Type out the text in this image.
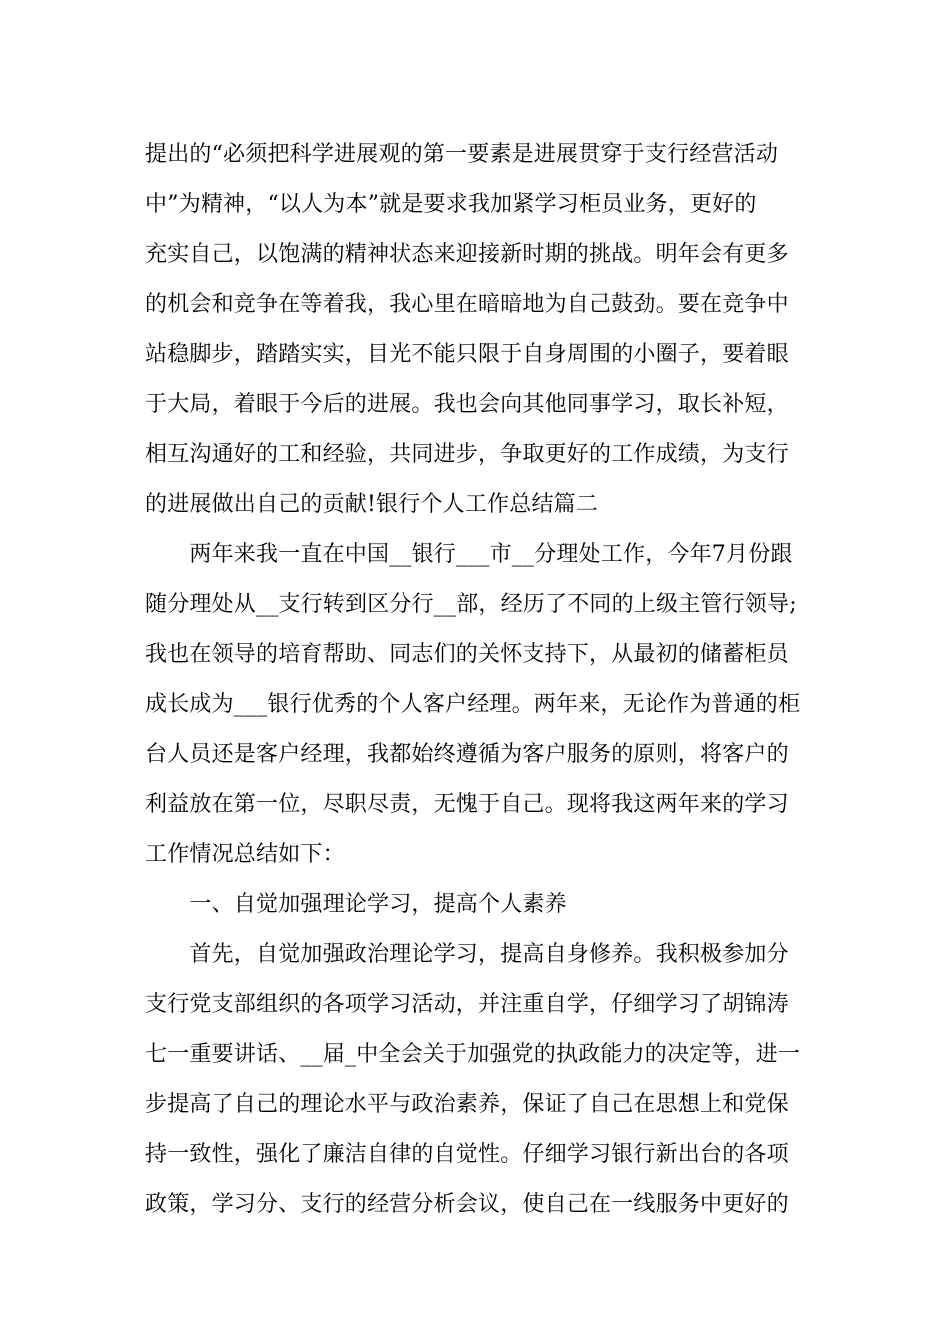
提出的“必须把科学进展观的第一要素是进展贯穿于支行经营活动
中”为精神，“以人为本”就是要求我加紧学习柜员业务，更好的
充实自己，以饱满的精神状态来迎接新时期的挑战。明年会有更多
的机会和竞争在等着我，我心里在暗暗地为自己鼓劲。要在竞争中
站稳脚步，踏踏实实，目光不能只限于自身周围的小圈子，要着眼
于大局，着眼于今后的进展。我也会向其他同事学习，取长补短，
相互沟通好的工和经验，共同进步，争取更好的工作成绩，为支行
的进展做出自己的贡献!银行个人工作总结篇二
　　两年来我一直在中国__银行___市__分理处工作，今年7月份跟
随分理处从__支行转到区分行__部，经历了不同的上级主管行领导;
我也在领导的培育帮助、同志们的关怀支持下，从最初的储蓄柜员
成长成为___银行优秀的个人客户经理。两年来，无论作为普通的柜
台人员还是客户经理，我都始终遵循为客户服务的原则，将客户的
利益放在第一位，尽职尽责，无愧于自己。现将我这两年来的学习
工作情况总结如下：
　　一、自觉加强理论学习，提高个人素养
　　首先，自觉加强政治理论学习，提高自身修养。我积极参加分
支行党支部组织的各项学习活动，并注重自学，仔细学习了胡锦涛
七一重要讲话、__届_中全会关于加强党的执政能力的决定等，进一
步提高了自己的理论水平与政治素养，保证了自己在思想上和党保
持一致性，强化了廉洁自律的自觉性。仔细学习银行新出台的各项
政策，学习分、支行的经营分析会议，使自己在一线服务中更好的
